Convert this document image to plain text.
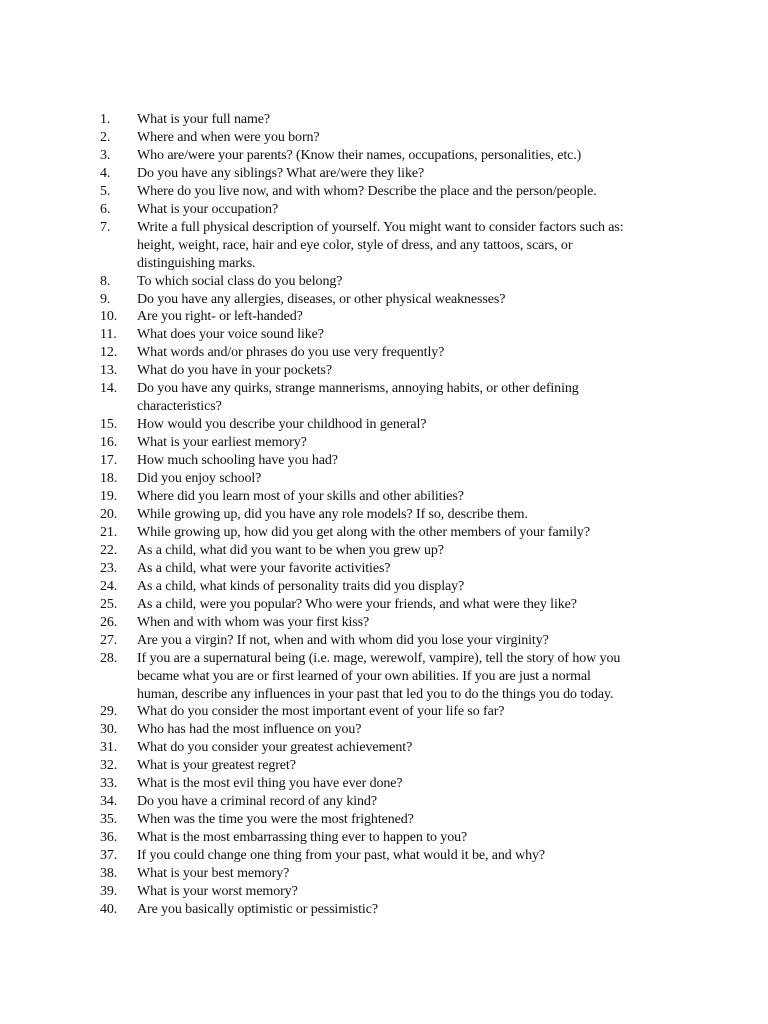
1.	What is your full name?
2.	Where and when were you born?
3.	Who are/were your parents? (Know their names, occupations, personalities, etc.)
4.	Do you have any siblings? What are/were they like?
5.	Where do you live now, and with whom? Describe the place and the person/people.
6.	What is your occupation?
7.	Write a full physical description of yourself. You might want to consider factors such as:
height, weight, race, hair and eye color, style of dress, and any tattoos, scars, or
distinguishing marks.
8.	To which social class do you belong?
9.	Do you have any allergies, diseases, or other physical weaknesses?
10.	Are you right- or left-handed?
11.	What does your voice sound like?
12.	What words and/or phrases do you use very frequently?
13.	What do you have in your pockets?
14.	Do you have any quirks, strange mannerisms, annoying habits, or other defining
characteristics?
15.	How would you describe your childhood in general?
16.	What is your earliest memory?
17.	How much schooling have you had?
18.	Did you enjoy school?
19.	Where did you learn most of your skills and other abilities?
20.	While growing up, did you have any role models? If so, describe them.
21.	While growing up, how did you get along with the other members of your family?
22.	As a child, what did you want to be when you grew up?
23.	As a child, what were your favorite activities?
24.	As a child, what kinds of personality traits did you display?
25.	As a child, were you popular? Who were your friends, and what were they like?
26.	When and with whom was your first kiss?
27.	Are you a virgin? If not, when and with whom did you lose your virginity?
28.	If you are a supernatural being (i.e. mage, werewolf, vampire), tell the story of how you
became what you are or first learned of your own abilities. If you are just a normal
human, describe any influences in your past that led you to do the things you do today.
29.	What do you consider the most important event of your life so far?
30.	Who has had the most influence on you?
31.	What do you consider your greatest achievement?
32.	What is your greatest regret?
33.	What is the most evil thing you have ever done?
34.	Do you have a criminal record of any kind?
35.	When was the time you were the most frightened?
36.	What is the most embarrassing thing ever to happen to you?
37.	If you could change one thing from your past, what would it be, and why?
38.	What is your best memory?
39.	What is your worst memory?
40.	Are you basically optimistic or pessimistic?
